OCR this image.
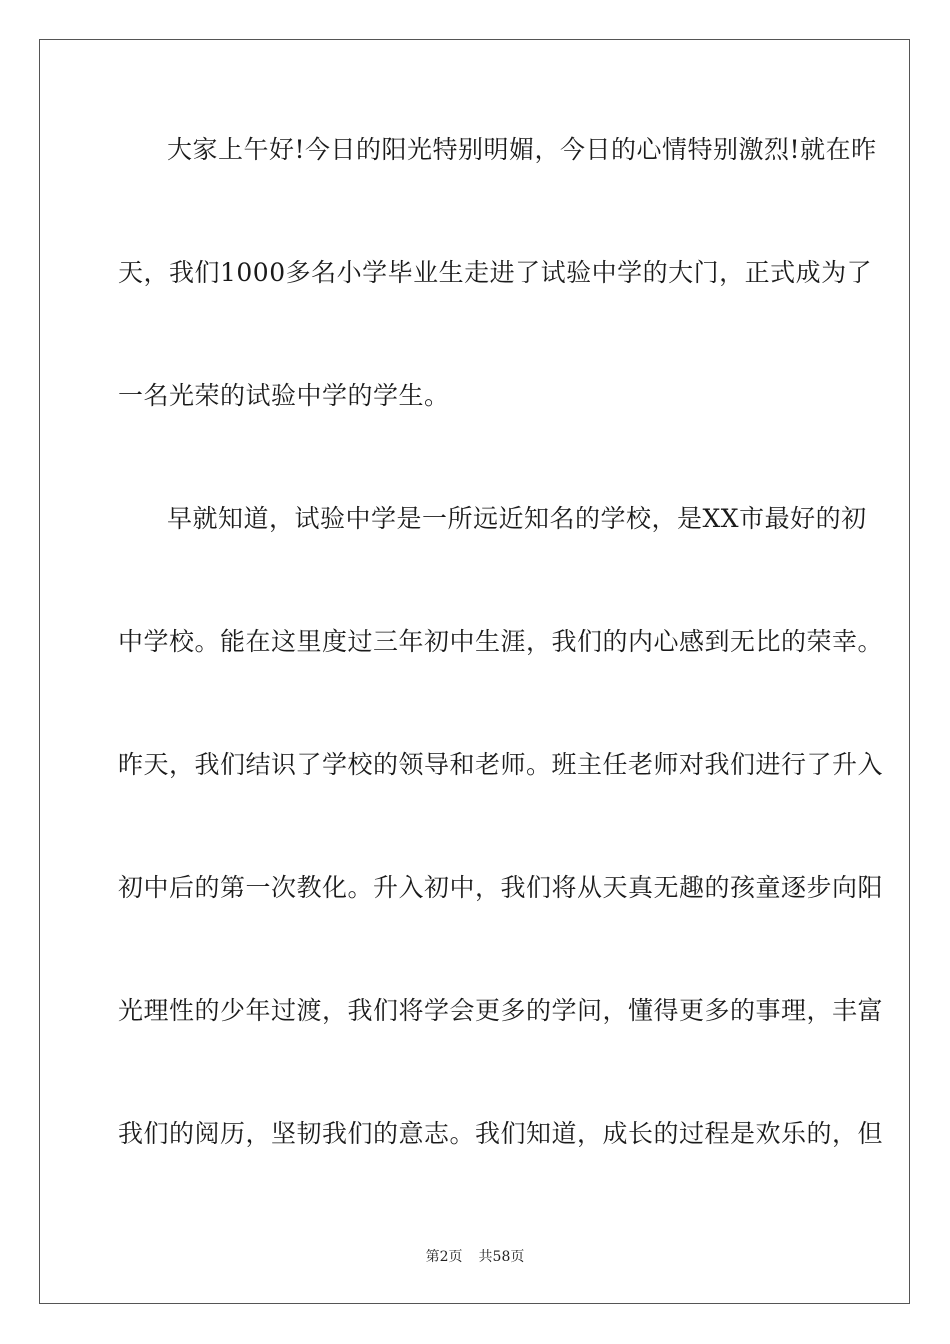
大家上午好!今日的阳光特别明媚，今日的心情特别激烈!就在昨
天，我们1000多名小学毕业生走进了试验中学的大门，正式成为了
一名光荣的试验中学的学生。
早就知道，试验中学是一所远近知名的学校，是XX市最好的初
中学校。能在这里度过三年初中生涯，我们的内心感到无比的荣幸。
昨天，我们结识了学校的领导和老师。班主任老师对我们进行了升入
初中后的第一次教化。升入初中，我们将从天真无趣的孩童逐步向阳
光理性的少年过渡，我们将学会更多的学问，懂得更多的事理，丰富
我们的阅历，坚韧我们的意志。我们知道，成长的过程是欢乐的，但
第2页 共58页
